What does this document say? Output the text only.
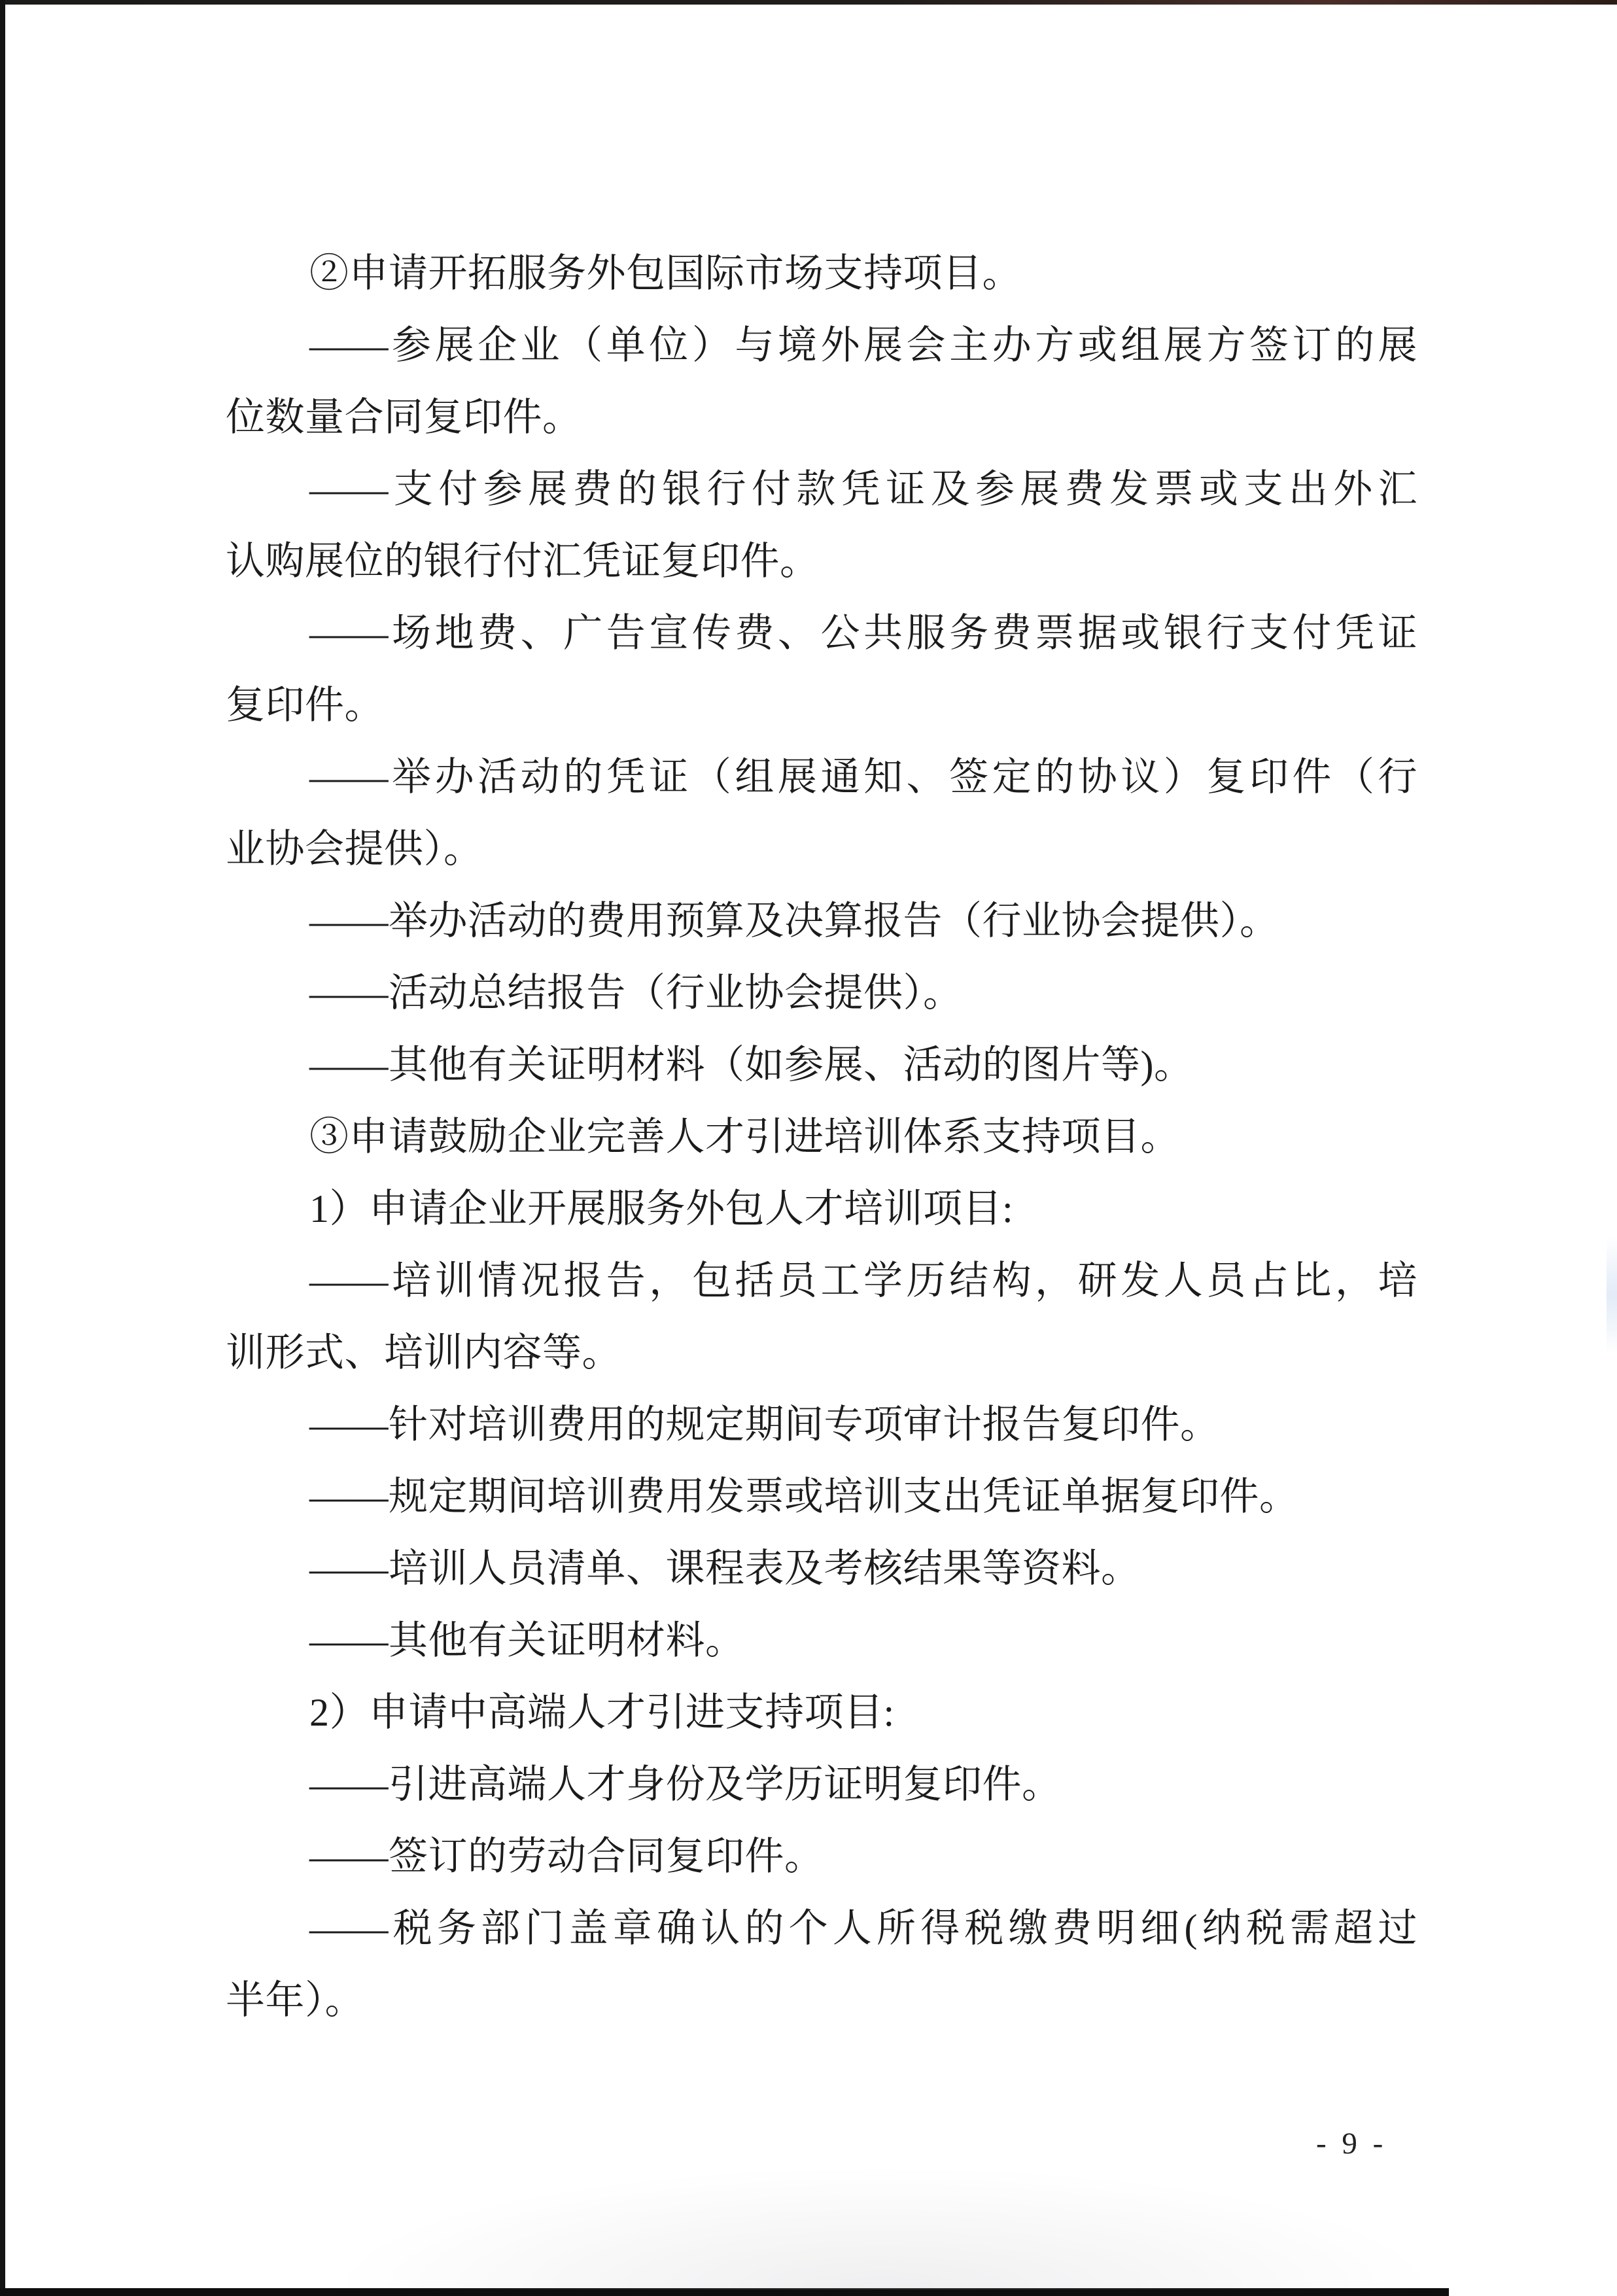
②申请开拓服务外包国际市场支持项目。
——参展企业（单位）与境外展会主办方或组展方签订的展
位数量合同复印件。
——支付参展费的银行付款凭证及参展费发票或支出外汇
认购展位的银行付汇凭证复印件。
——场地费、广告宣传费、公共服务费票据或银行支付凭证
复印件。
——举办活动的凭证（组展通知、签定的协议）复印件（行
业协会提供）。
——举办活动的费用预算及决算报告（行业协会提供）。
——活动总结报告（行业协会提供）。
——其他有关证明材料（如参展、活动的图片等)。
③申请鼓励企业完善人才引进培训体系支持项目。
1）申请企业开展服务外包人才培训项目:
——培训情况报告，包括员工学历结构，研发人员占比，培
训形式、培训内容等。
——针对培训费用的规定期间专项审计报告复印件。
——规定期间培训费用发票或培训支出凭证单据复印件。
——培训人员清单、课程表及考核结果等资料。
——其他有关证明材料。
2）申请中高端人才引进支持项目:
——引进高端人才身份及学历证明复印件。
——签订的劳动合同复印件。
——税务部门盖章确认的个人所得税缴费明细(纳税需超过
半年）。
- 9 -
